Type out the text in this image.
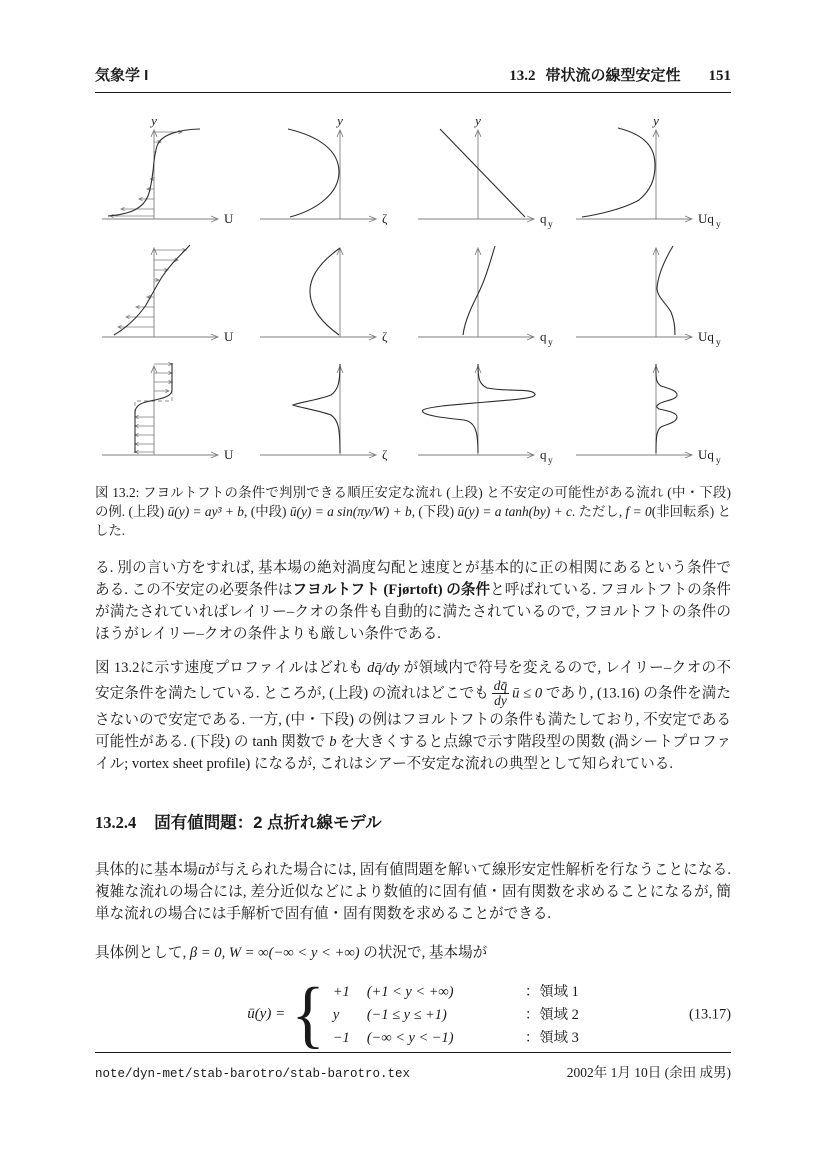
気象学 I	13.2 帯状流の線型安定性 151
y
U
y
ζ
y
q y
y
Uq y
U	ζ	q y	Uq y
U	ζ	q y	Uq y

図 13.2: フヨルトフトの条件で判別できる順圧安定な流れ (上段) と不安定の可能性がある流れ (中・下段) の例. (上段) ū(y) = ay³ + b, (中段) ū(y) = a sin(πy/W) + b, (下段) ū(y) = a tanh(by) + c. ただし, f = 0(非回転系) とした.

る. 別の言い方をすれば, 基本場の絶対渦度勾配と速度とが基本的に正の相関にあるという条件である. この不安定の必要条件はフヨルトフト (Fjørtoft) の条件と呼ばれている. フヨルトフトの条件が満たされていればレイリー–クオの条件も自動的に満たされているので, フヨルトフトの条件のほうがレイリー–クオの条件よりも厳しい条件である.

図 13.2に示す速度プロファイルはどれも dq̄/dy が領域内で符号を変えるので, レイリー–クオの不安定条件を満たしている. ところが, (上段) の流れはどこでも $\frac{dq̄}{dy}$ ū ≤ 0 であり, (13.16) の条件を満たさないので安定である. 一方, (中・下段) の例はフヨルトフトの条件も満たしており, 不安定である可能性がある. (下段) の tanh 関数で b を大きくすると点線で示す階段型の関数 (渦シートプロファイル; vortex sheet profile) になるが, これはシアー不安定な流れの典型として知られている.

13.2.4 固有値問題：2 点折れ線モデル

具体的に基本場ūが与えられた場合には, 固有値問題を解いて線形安定性解析を行なうことになる. 複雑な流れの場合には, 差分近似などにより数値的に固有値・固有関数を求めることになるが, 簡単な流れの場合には手解析で固有値・固有関数を求めることができる.

具体例として, β = 0, W = ∞(−∞ < y < +∞) の状況で, 基本場が

ū(y) = { +1	(+1 < y < +∞)	：領域 1
y	(−1 ≤ y ≤ +1)	：領域 2
−1	(−∞ < y < −1)	：領域 3
(13.17)
note/dyn-met/stab-barotro/stab-barotro.tex	2002年 1月 10日 (余田 成男)
